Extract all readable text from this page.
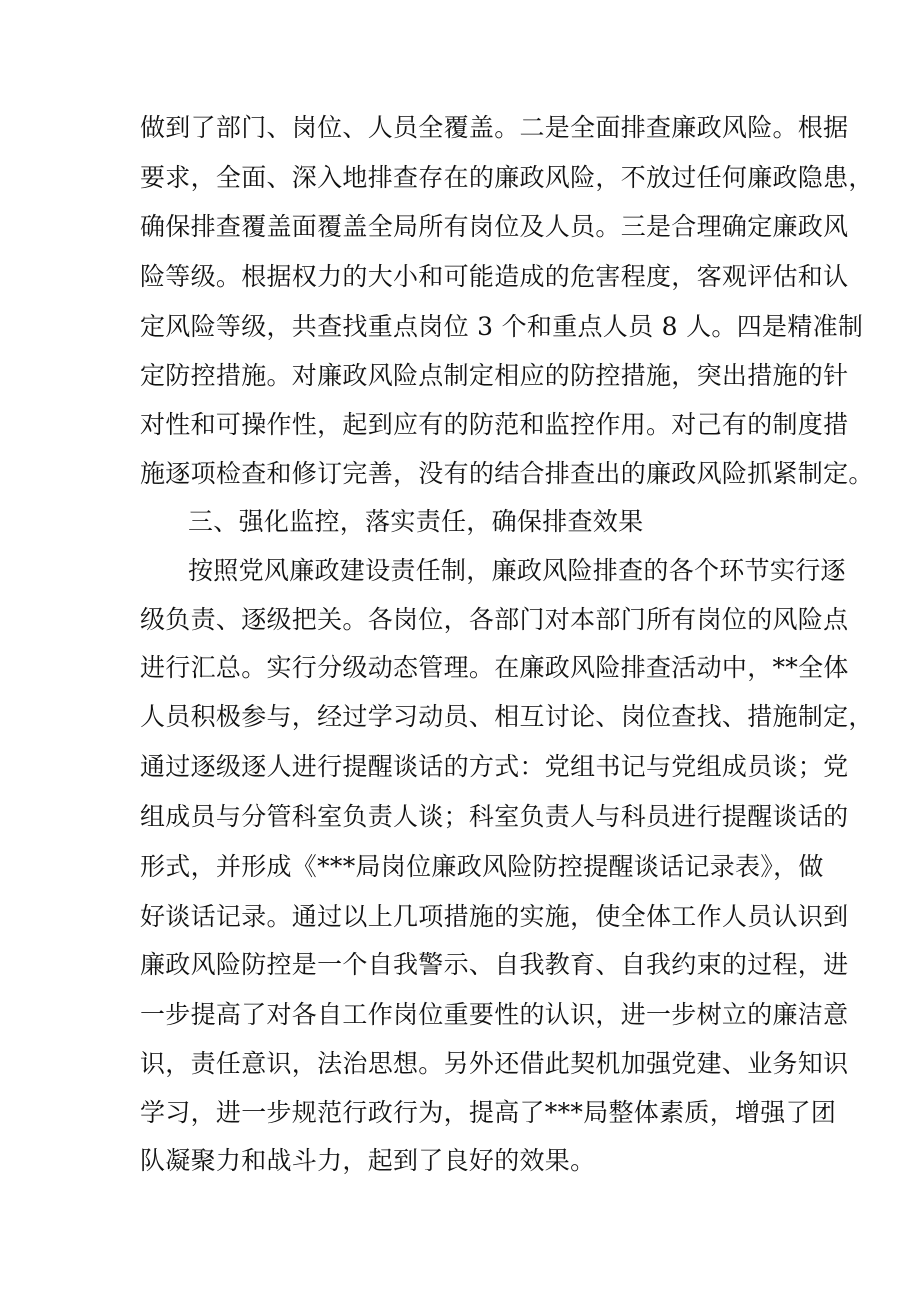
做到了部门、岗位、人员全覆盖。二是全面排查廉政风险。根据

要求，全面、深入地排查存在的廉政风险，不放过任何廉政隐患，

确保排查覆盖面覆盖全局所有岗位及人员。三是合理确定廉政风

险等级。根据权力的大小和可能造成的危害程度，客观评估和认

定风险等级，共查找重点岗位 3 个和重点人员 8 人。四是精准制

定防控措施。对廉政风险点制定相应的防控措施，突出措施的针

对性和可操作性，起到应有的防范和监控作用。对己有的制度措

施逐项检查和修订完善，没有的结合排查出的廉政风险抓紧制定。

三、强化监控，落实责任，确保排查效果

按照党风廉政建设责任制，廉政风险排查的各个环节实行逐

级负责、逐级把关。各岗位，各部门对本部门所有岗位的风险点

进行汇总。实行分级动态管理。在廉政风险排查活动中，**全体

人员积极参与，经过学习动员、相互讨论、岗位查找、措施制定，

通过逐级逐人进行提醒谈话的方式：党组书记与党组成员谈；党

组成员与分管科室负责人谈；科室负责人与科员进行提醒谈话的

形式，并形成《***局岗位廉政风险防控提醒谈话记录表》，做

好谈话记录。通过以上几项措施的实施，使全体工作人员认识到

廉政风险防控是一个自我警示、自我教育、自我约束的过程，进

一步提高了对各自工作岗位重要性的认识，进一步树立的廉洁意

识，责任意识，法治思想。另外还借此契机加强党建、业务知识

学习，进一步规范行政行为，提高了***局整体素质，增强了团

队凝聚力和战斗力，起到了良好的效果。
